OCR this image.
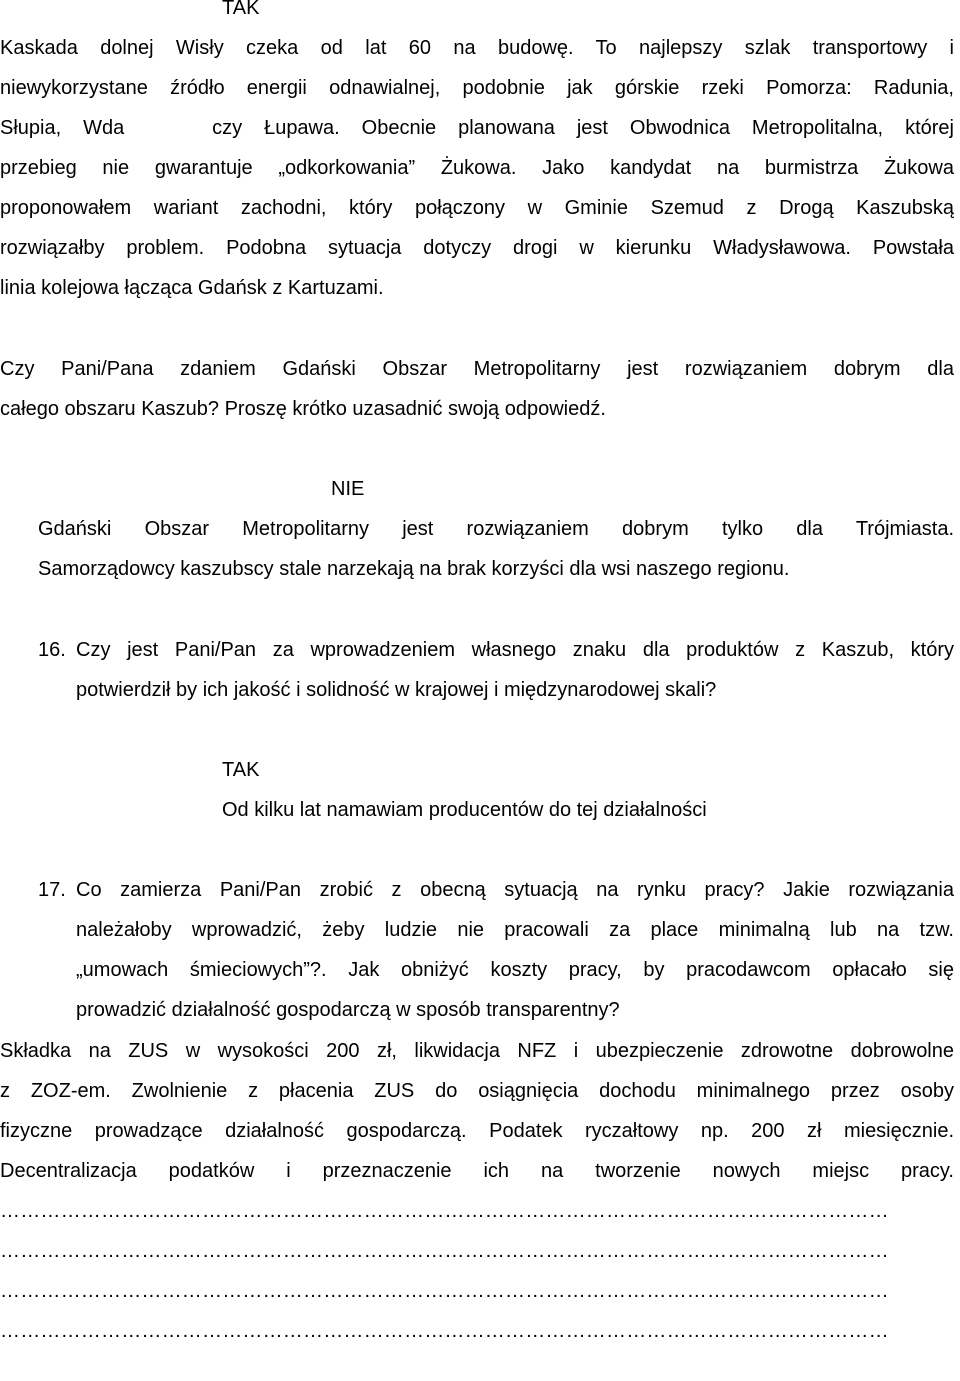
TAK
Kaskada dolnej Wisły czeka od lat 60 na budowę. To najlepszy szlak transportowy i
niewykorzystane źródło energii odnawialnej, podobnie jak górskie rzeki Pomorza: Radunia,
Słupia, Wda    czy Łupawa. Obecnie planowana jest Obwodnica Metropolitalna, której
przebieg nie gwarantuje „odkorkowania” Żukowa. Jako kandydat na burmistrza Żukowa
proponowałem wariant zachodni, który połączony w Gminie Szemud z Drogą Kaszubską
rozwiązałby problem. Podobna sytuacja dotyczy drogi w kierunku Władysławowa. Powstała
linia kolejowa łącząca Gdańsk z Kartuzami.
Czy Pani/Pana zdaniem Gdański Obszar Metropolitarny jest rozwiązaniem dobrym dla
całego obszaru Kaszub? Proszę krótko uzasadnić swoją odpowiedź.
NIE
Gdański Obszar Metropolitarny jest rozwiązaniem dobrym tylko dla Trójmiasta.
Samorządowcy kaszubscy stale narzekają na brak korzyści dla wsi naszego regionu.
16. Czy jest Pani/Pan za wprowadzeniem własnego znaku dla produktów z Kaszub, który
potwierdził by ich jakość i solidność w krajowej i międzynarodowej skali?
TAK
Od kilku lat namawiam producentów do tej działalności
17. Co zamierza Pani/Pan zrobić z obecną sytuacją na rynku pracy? Jakie rozwiązania
należałoby wprowadzić, żeby ludzie nie pracowali za place minimalną lub na tzw.
„umowach śmieciowych”?. Jak obniżyć koszty pracy, by pracodawcom opłacało się
prowadzić działalność gospodarczą w sposób transparentny?
Składka na ZUS w wysokości 200 zł, likwidacja NFZ i ubezpieczenie zdrowotne dobrowolne
z ZOZ-em. Zwolnienie z płacenia ZUS do osiągnięcia dochodu minimalnego przez osoby
fizyczne prowadzące działalność gospodarczą. Podatek ryczałtowy np. 200 zł miesięcznie.
Decentralizacja podatków i przeznaczenie ich na tworzenie nowych miejsc pracy.
……………………………………………………………………………………………………………………
……………………………………………………………………………………………………………………
……………………………………………………………………………………………………………………
……………………………………………………………………………………………………………………
